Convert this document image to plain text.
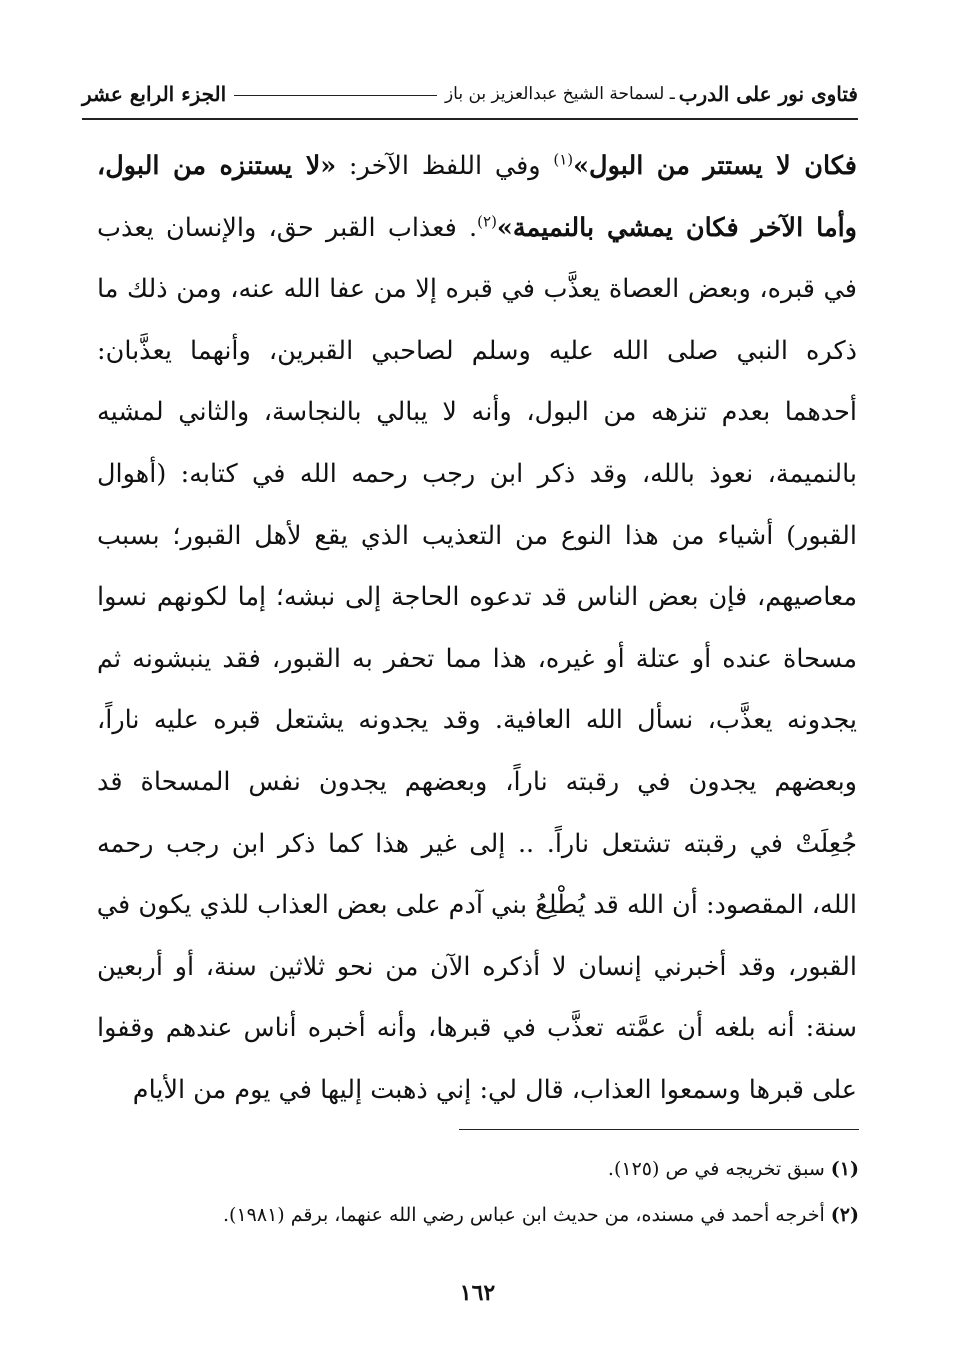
فتاوى نور على الدرب
ـ لسماحة الشيخ عبدالعزيز بن باز
الجزء الرابع عشر
فكان لا يستتر من البول»$^{(١)}$ وفي اللفظ الآخر: «لا يستنزه من البول،
وأما الآخر فكان يمشي بالنميمة»$^{(٢)}$. فعذاب القبر حق، والإنسان يعذب
في قبره، وبعض العصاة يعذَّب في قبره إلا من عفا الله عنه، ومن ذلك ما
ذكره النبي صلى الله عليه وسلم لصاحبي القبرين، وأنهما يعذَّبان:
أحدهما بعدم تنزهه من البول، وأنه لا يبالي بالنجاسة، والثاني لمشيه
بالنميمة، نعوذ بالله، وقد ذكر ابن رجب رحمه الله في كتابه: (أهوال
القبور) أشياء من هذا النوع من التعذيب الذي يقع لأهل القبور؛ بسبب
معاصيهم، فإن بعض الناس قد تدعوه الحاجة إلى نبشه؛ إما لكونهم نسوا
مسحاة عنده أو عتلة أو غيره، هذا مما تحفر به القبور، فقد ينبشونه ثم
يجدونه يعذَّب، نسأل الله العافية. وقد يجدونه يشتعل قبره عليه ناراً،
وبعضهم يجدون في رقبته ناراً، وبعضهم يجدون نفس المسحاة قد
جُعِلَتْ في رقبته تشتعل ناراً. .. إلى غير هذا كما ذكر ابن رجب رحمه
الله، المقصود: أن الله قد يُطْلِعُ بني آدم على بعض العذاب للذي يكون في
القبور، وقد أخبرني إنسان لا أذكره الآن من نحو ثلاثين سنة، أو أربعين
سنة: أنه بلغه أن عمَّته تعذَّب في قبرها، وأنه أخبره أناس عندهم وقفوا
على قبرها وسمعوا العذاب، قال لي: إني ذهبت إليها في يوم من الأيام
(١) سبق تخريجه في ص (١٢٥).
(٢) أخرجه أحمد في مسنده، من حديث ابن عباس رضي الله عنهما، برقم (١٩٨١).
١٦٢
